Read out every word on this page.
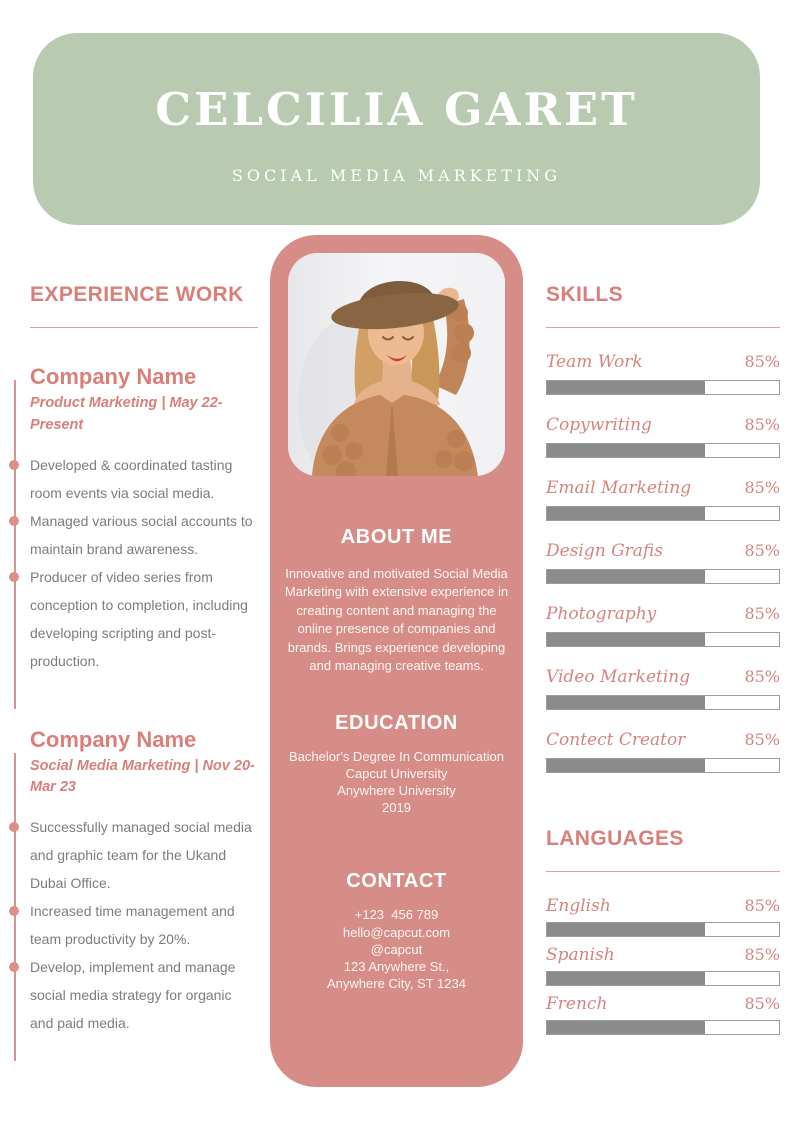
CELCILIA GARET
SOCIAL MEDIA MARKETING
EXPERIENCE WORK
Company Name
Product Marketing | May 22-Present
Developed & coordinated tasting room events via social media.
Managed various social accounts to maintain brand awareness.
Producer of video series from conception to completion, including developing scripting and post-production.
Company Name
Social Media Marketing | Nov 20-Mar 23
Successfully managed social media and graphic team for the Ukand Dubai Office.
Increased time management and team productivity by 20%.
Develop, implement and manage social media strategy for organic and paid media.
ABOUT ME
Innovative and motivated Social Media Marketing with extensive experience in creating content and managing the online presence of companies and brands. Brings experience developing and managing creative teams.
EDUCATION
Bachelor's Degree In Communication
Capcut University
Anywhere University
2019
CONTACT
+123  456 789
hello@capcut.com
@capcut
123 Anywhere St.,
Anywhere City, ST 1234
SKILLS
Team Work	85%
Copywriting	85%
Email Marketing	85%
Design Grafis	85%
Photography	85%
Video Marketing	85%
Contect Creator	85%
LANGUAGES
English	85%
Spanish	85%
French	85%
